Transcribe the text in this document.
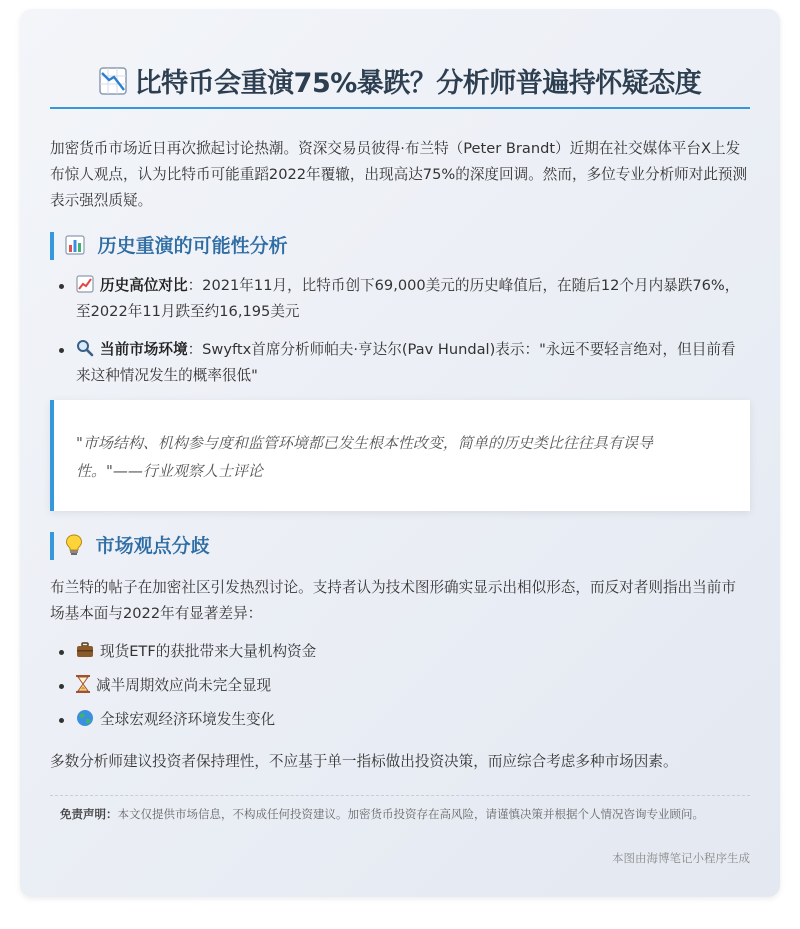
比特币会重演75%暴跌？分析师普遍持怀疑态度

加密货币市场近日再次掀起讨论热潮。资深交易员彼得·布兰特（Peter Brandt）近期在社交媒体平台X上发布惊人观点，认为比特币可能重蹈2022年覆辙，出现高达75%的深度回调。然而，多位专业分析师对此预测表示强烈质疑。

历史重演的可能性分析
历史高位对比：2021年11月，比特币创下69,000美元的历史峰值后，在随后12个月内暴跌76%，至2022年11月跌至约16,195美元
当前市场环境：Swyftx首席分析师帕夫·亨达尔(Pav Hundal)表示："永远不要轻言绝对，但目前看来这种情况发生的概率很低"
"市场结构、机构参与度和监管环境都已发生根本性改变，简单的历史类比往往具有误导性。"——行业观察人士评论
市场观点分歧

布兰特的帖子在加密社区引发热烈讨论。支持者认为技术图形确实显示出相似形态，而反对者则指出当前市场基本面与2022年有显著差异：

现货ETF的获批带来大量机构资金
减半周期效应尚未完全显现
全球宏观经济环境发生变化

多数分析师建议投资者保持理性，不应基于单一指标做出投资决策，而应综合考虑多种市场因素。

免责声明：本文仅提供市场信息，不构成任何投资建议。加密货币投资存在高风险，请谨慎决策并根据个人情况咨询专业顾问。
本图由海博笔记小程序生成
